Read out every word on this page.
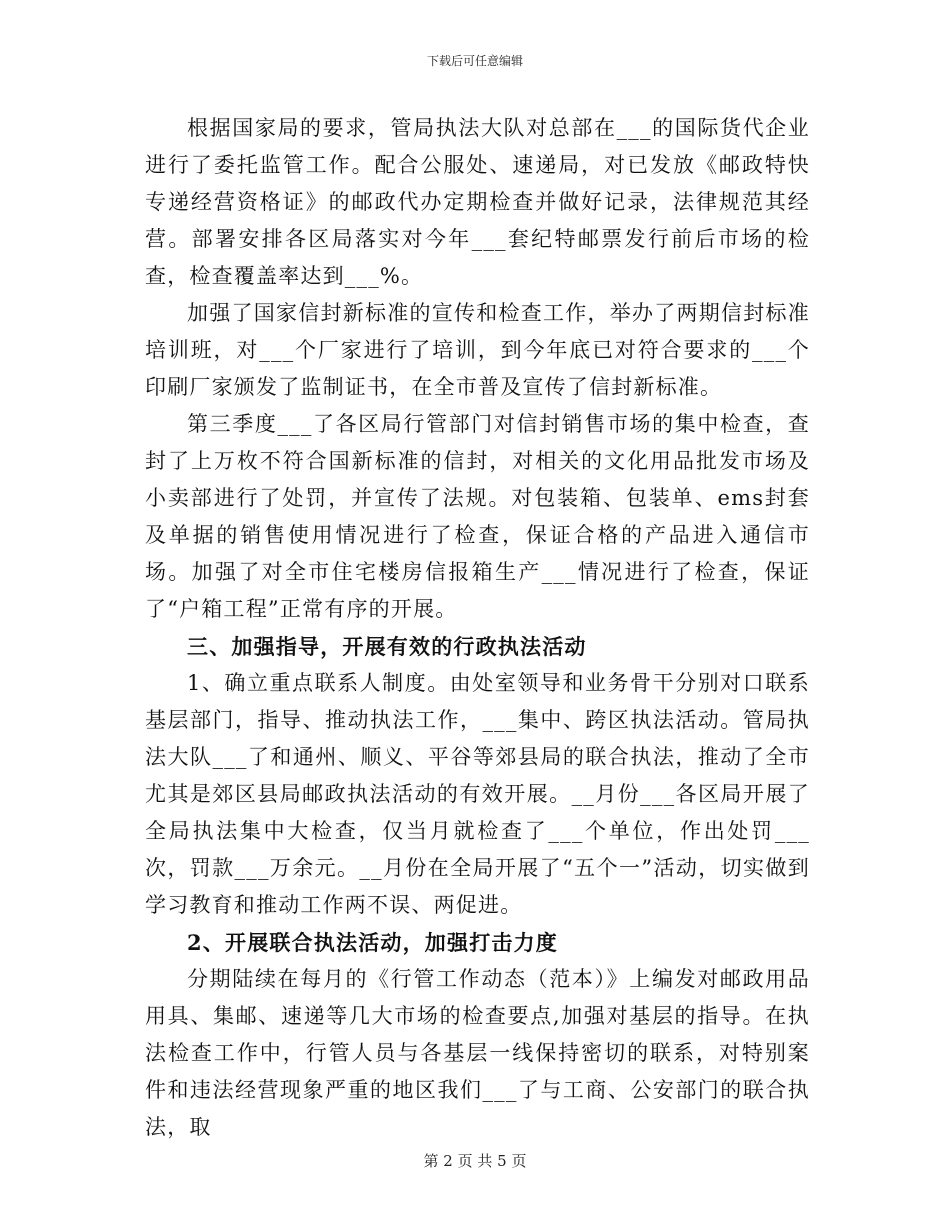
下载后可任意编辑

根据国家局的要求，管局执法大队对总部在___的国际货代企业进行了委托监管工作。配合公服处、速递局，对已发放《邮政特快专递经营资格证》的邮政代办定期检查并做好记录，法律规范其经营。部署安排各区局落实对今年___套纪特邮票发行前后市场的检查，检查覆盖率达到___%。

加强了国家信封新标准的宣传和检查工作，举办了两期信封标准培训班，对___个厂家进行了培训，到今年底已对符合要求的___个印刷厂家颁发了监制证书，在全市普及宣传了信封新标准。

第三季度___了各区局行管部门对信封销售市场的集中检查，查封了上万枚不符合国新标准的信封，对相关的文化用品批发市场及小卖部进行了处罚，并宣传了法规。对包装箱、包装单、ems封套及单据的销售使用情况进行了检查，保证合格的产品进入通信市场。加强了对全市住宅楼房信报箱生产___情况进行了检查，保证了“户箱工程”正常有序的开展。

三、加强指导，开展有效的行政执法活动

1、确立重点联系人制度。由处室领导和业务骨干分别对口联系基层部门，指导、推动执法工作，___集中、跨区执法活动。管局执法大队___了和通州、顺义、平谷等郊县局的联合执法，推动了全市尤其是郊区县局邮政执法活动的有效开展。__月份___各区局开展了全局执法集中大检查，仅当月就检查了___个单位，作出处罚___次，罚款___万余元。__月份在全局开展了“五个一”活动，切实做到学习教育和推动工作两不误、两促进。

2、开展联合执法活动，加强打击力度

分期陆续在每月的《行管工作动态（范本）》上编发对邮政用品用具、集邮、速递等几大市场的检查要点,加强对基层的指导。在执法检查工作中，行管人员与各基层一线保持密切的联系，对特别案件和违法经营现象严重的地区我们___了与工商、公安部门的联合执法，取

第 2 页 共 5 页
